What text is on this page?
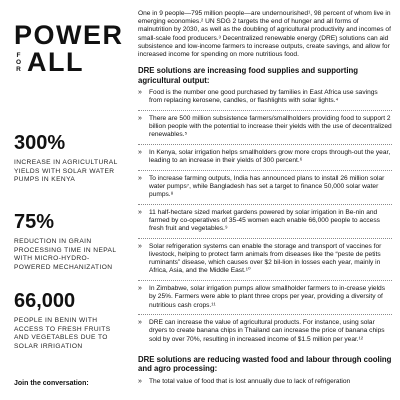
POWER
F
O
R ALL
300%
INCREASE IN AGRICULTURAL YIELDS WITH SOLAR WATER PUMPS IN KENYA
75%
REDUCTION IN GRAIN PROCESSING TIME IN NEPAL WITH MICRO-HYDRO-POWERED MECHANIZATION
66,000
PEOPLE IN BENIN WITH ACCESS TO FRESH FRUITS AND VEGETABLES DUE TO SOLAR IRRIGATION
Join the conversation:
One in 9 people—795 million people—are undernourished¹, 98 percent of whom live in emerging economies.² UN SDG 2 targets the end of hunger and all forms of malnutrition by 2030, as well as the doubling of agricultural productivity and incomes of small-scale food producers.³ Decentralized renewable energy (DRE) solutions can aid subsistence and low-income farmers to increase outputs, create savings, and allow for increased income for spending on more nutritious food.
DRE solutions are increasing food supplies and supporting agricultural output:
» Food is the number one good purchased by families in East Africa use savings from replacing kerosene, candles, or flashlights with solar lights.⁴
» There are 500 million subsistence farmers/smallholders providing food to support 2 billion people with the potential to increase their yields with the use of decentralized renewables.⁵
» In Kenya, solar irrigation helps smallholders grow more crops through-out the year, leading to an increase in their yields of 300 percent.⁶
» To increase farming outputs, India has announced plans to install 26 million solar water pumps⁷, while Bangladesh has set a target to finance 50,000 solar water pumps.⁸
» 11 half-hectare sized market gardens powered by solar irrigation in Be-nin and farmed by co-operatives of 35-45 women each enable 66,000 people to access fresh fruit and vegetables.⁹
» Solar refrigeration systems can enable the storage and transport of vaccines for livestock, helping to protect farm animals from diseases like the “peste de petits ruminants” disease, which causes over $2 bil-lion in losses each year, mainly in Africa, Asia, and the Middle East.¹⁰
» In Zimbabwe, solar irrigation pumps allow smallholder farmers to in-crease yields by 25%. Farmers were able to plant three crops per year, providing a diversity of nutritious cash crops.¹¹
» DRE can increase the value of agricultural products. For instance, using solar dryers to create banana chips in Thailand can increase the price of banana chips sold by over 70%, resulting in increased income of $1.5 million per year.¹²
DRE solutions are reducing wasted food and labour through cooling and agro processing:
» The total value of food that is lost annually due to lack of refrigeration
